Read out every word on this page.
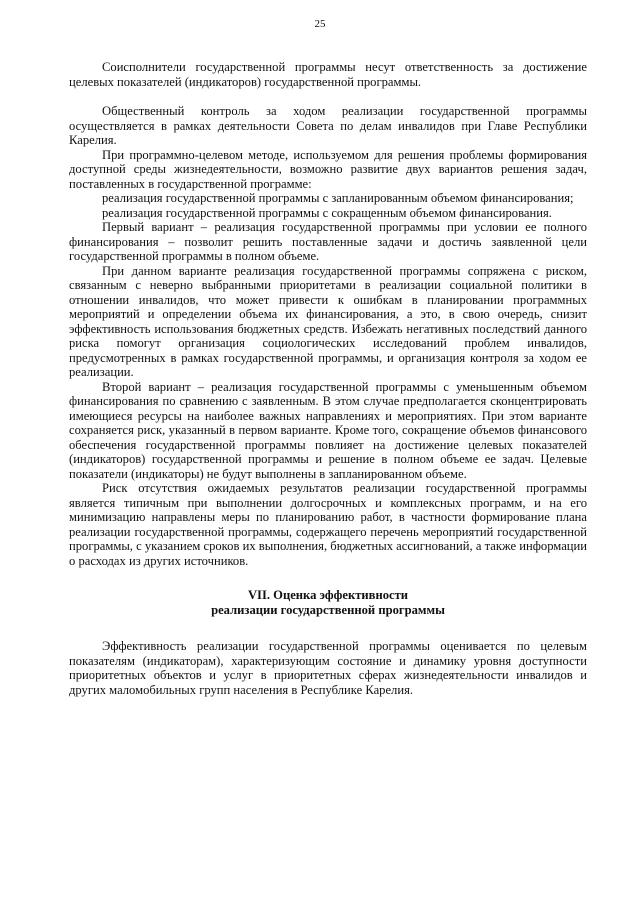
25

Соисполнители государственной программы несут ответственность за достижение целевых показателей (индикаторов) государственной программы.

Общественный контроль за ходом реализации государственной программы осуществляется в рамках деятельности Совета по делам инвалидов при Главе Республики Карелия.

При программно-целевом методе, используемом для решения проблемы формирования доступной среды жизнедеятельности, возможно развитие двух вариантов решения задач, поставленных в государственной программе:

реализация государственной программы с запланированным объемом финансирования;

реализация государственной программы с сокращенным объемом финансирования.

Первый вариант – реализация государственной программы при условии ее полного финансирования – позволит решить поставленные задачи и достичь заявленной цели государственной программы в полном объеме.

При данном варианте реализация государственной программы сопряжена с риском, связанным с неверно выбранными приоритетами в реализации социальной политики в отношении инвалидов, что может привести к ошибкам в планировании программных мероприятий и определении объема их финансирования, а это, в свою очередь, снизит эффективность использования бюджетных средств. Избежать негативных последствий данного риска помогут организация социологических исследований проблем инвалидов, предусмотренных в рамках государственной программы, и организация контроля за ходом ее реализации.

Второй вариант – реализация государственной программы с уменьшенным объемом финансирования по сравнению с заявленным. В этом случае предполагается сконцентрировать имеющиеся ресурсы на наиболее важных направлениях и мероприятиях. При этом варианте сохраняется риск, указанный в первом варианте. Кроме того, сокращение объемов финансового обеспечения государственной программы повлияет на достижение целевых показателей (индикаторов) государственной программы и решение в полном объеме ее задач. Целевые показатели (индикаторы) не будут выполнены в запланированном объеме.

Риск отсутствия ожидаемых результатов реализации государственной программы является типичным при выполнении долгосрочных и комплексных программ, и на его минимизацию направлены меры по планированию работ, в частности формирование плана реализации государственной программы, содержащего перечень мероприятий государственной программы, с указанием сроков их выполнения, бюджетных ассигнований, а также информации о расходах из других источников.

VII. Оценка эффективности
реализации государственной программы

Эффективность реализации государственной программы оценивается по целевым показателям (индикаторам), характеризующим состояние и динамику уровня доступности приоритетных объектов и услуг в приоритетных сферах жизнедеятельности инвалидов и других маломобильных групп населения в Республике Карелия.
